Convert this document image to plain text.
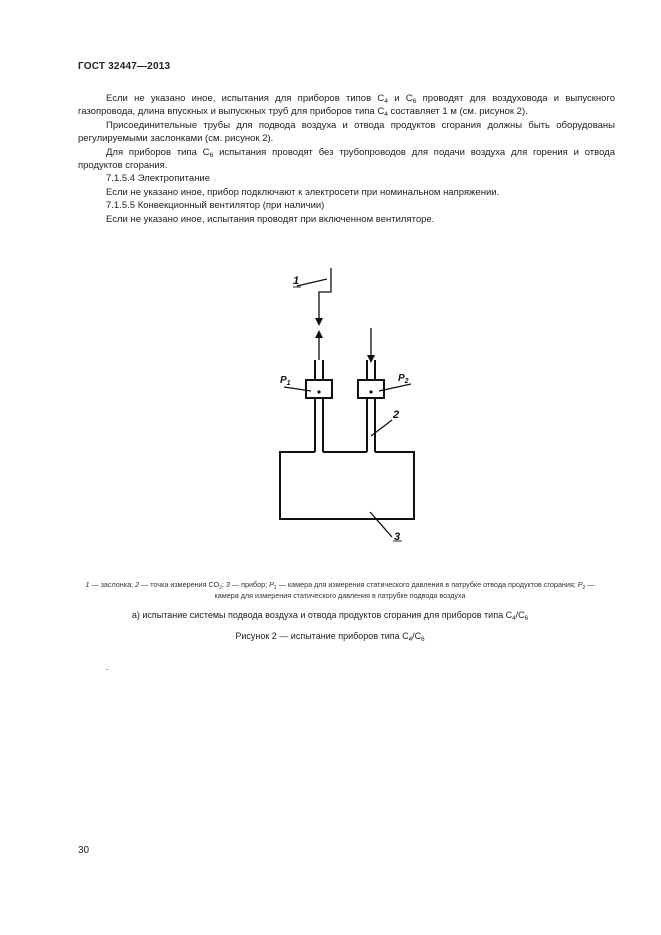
ГОСТ 32447—2013

Если не указано иное, испытания для приборов типов $С_4$ и $С_6$ проводят для воздуховода и выпускного газопровода, длина впускных и выпускных труб для приборов типа $С_4$ составляет 1 м (см. рисунок 2).

Присоединительные трубы для подвода воздуха и отвода продуктов сгорания должны быть оборудованы регулируемыми заслонками (см. рисунок 2).

Для приборов типа $С_6$ испытания проводят без трубопроводов для подачи воздуха для горения и отвода продуктов сгорания.

7.1.5.4 Электропитание

Если не указано иное, прибор подключают к электросети при номинальном напряжении.

7.1.5.5 Конвекционный вентилятор (при наличии)

Если не указано иное, испытания проводят при включенном вентиляторе.

1
$P_1$	$P_2$
2
3
1 — заслонка; 2 — точка измерения $СО_2$; 3 — прибор; $P_1$ — камера для измерения статического давления в патрубке отвода продуктов сгорания; $P_2$ — камера для измерения статического давления в патрубке подвода воздуха
а) испытание системы подвода воздуха и отвода продуктов сгорания для приборов типа $С_4/С_6$
Рисунок 2 — испытание приборов типа $С_4/С_6$
.
30
